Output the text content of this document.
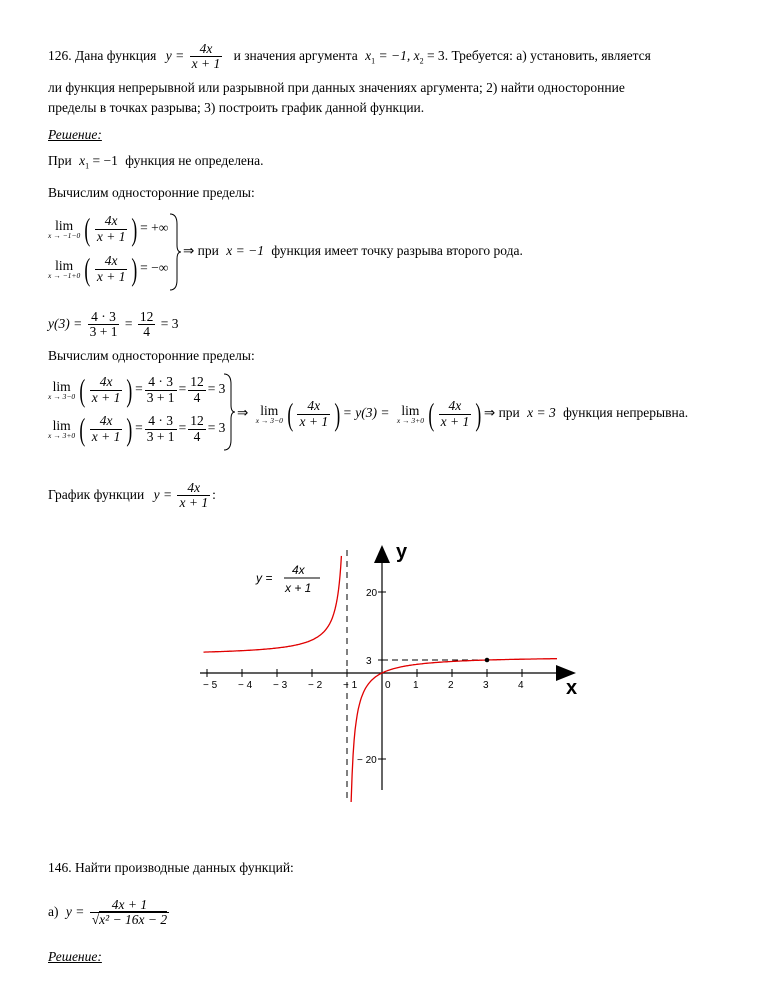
126. Дана функция $y = \frac{4x}{x + 1}$ и значения аргумента $x_1 = -1$, $x_2 = 3$. Требуется: а) установить, является
ли функция непрерывной или разрывной при данных значениях аргумента; 2) найти односторонние
пределы в точках разрыва; 3) построить график данной функции.
Решение:
При $x_1 = -1$ функция не определена.
Вычислим односторонние пределы:
lim
x → −1−0 ( $\frac{4x}{x + 1}$ ) = +∞
lim
x → −1+0 ( $\frac{4x}{x + 1}$ ) = −∞
⇒ при x = −1 функция имеет точку разрыва второго рода.
$y(3) = \frac{4 \cdot 3}{3 + 1} = \frac{12}{4} = 3$
Вычислим односторонние пределы:
lim
x → 3−0 ( $\frac{4x}{x + 1}$ ) = $\frac{4 \cdot 3}{3 + 1} = \frac{12}{4} = 3$
lim
x → 3+0 ( $\frac{4x}{x + 1}$ ) = $\frac{4 \cdot 3}{3 + 1} = \frac{12}{4} = 3$
⇒ lim
x → 3−0 ( $\frac{4x}{x + 1}$ ) = y(3) = lim
x → 3+0 ( $\frac{4x}{x + 1}$ ) ⇒ при x = 3 функция непрерывна.
График функции $y = \frac{4x}{x + 1}$ :
x
y
− 5 − 4 − 3 − 2 − 1	0 1	2	3	4
20
3
− 20
y =
4x
x + 1
146. Найти производные данных функций:
а) $y = \frac{4x + 1}{\text{√x² − 16x − 2}}$
Решение:
